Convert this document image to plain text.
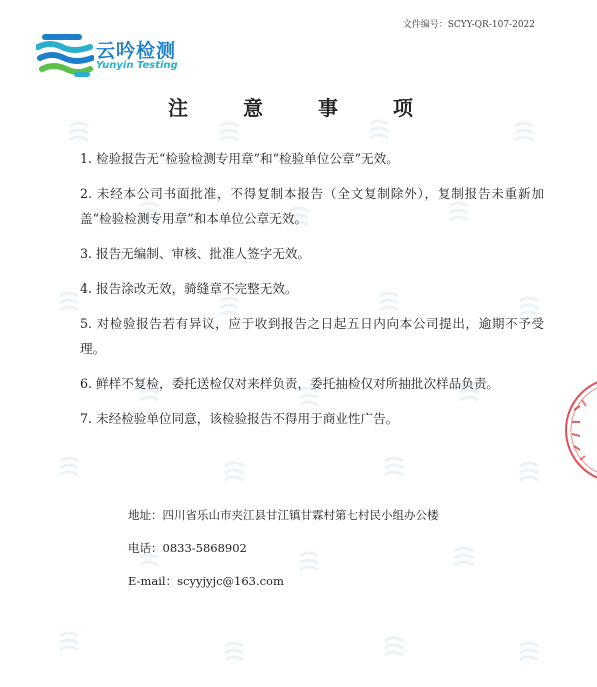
文件编号：SCYY-QR-107-2022
云吟检测
Yunyin Testing
注 意 事 项

1. 检验报告无“检验检测专用章”和“检验单位公章”无效。

2. 未经本公司书面批准，不得复制本报告（全文复制除外），复制报告未重新加盖“检验检测专用章”和本单位公章无效。

3. 报告无编制、审核、批准人签字无效。

4. 报告涂改无效，骑缝章不完整无效。

5. 对检验报告若有异议，应于收到报告之日起五日内向本公司提出，逾期不予受理。

6. 鲜样不复检，委托送检仅对来样负责，委托抽检仅对所抽批次样品负责。

7. 未经检验单位同意，该检验报告不得用于商业性广告。

地址：四川省乐山市夹江县甘江镇甘霖村第七村民小组办公楼
电话：0833-5868902
E-mail：scyyjyjc@163.com
